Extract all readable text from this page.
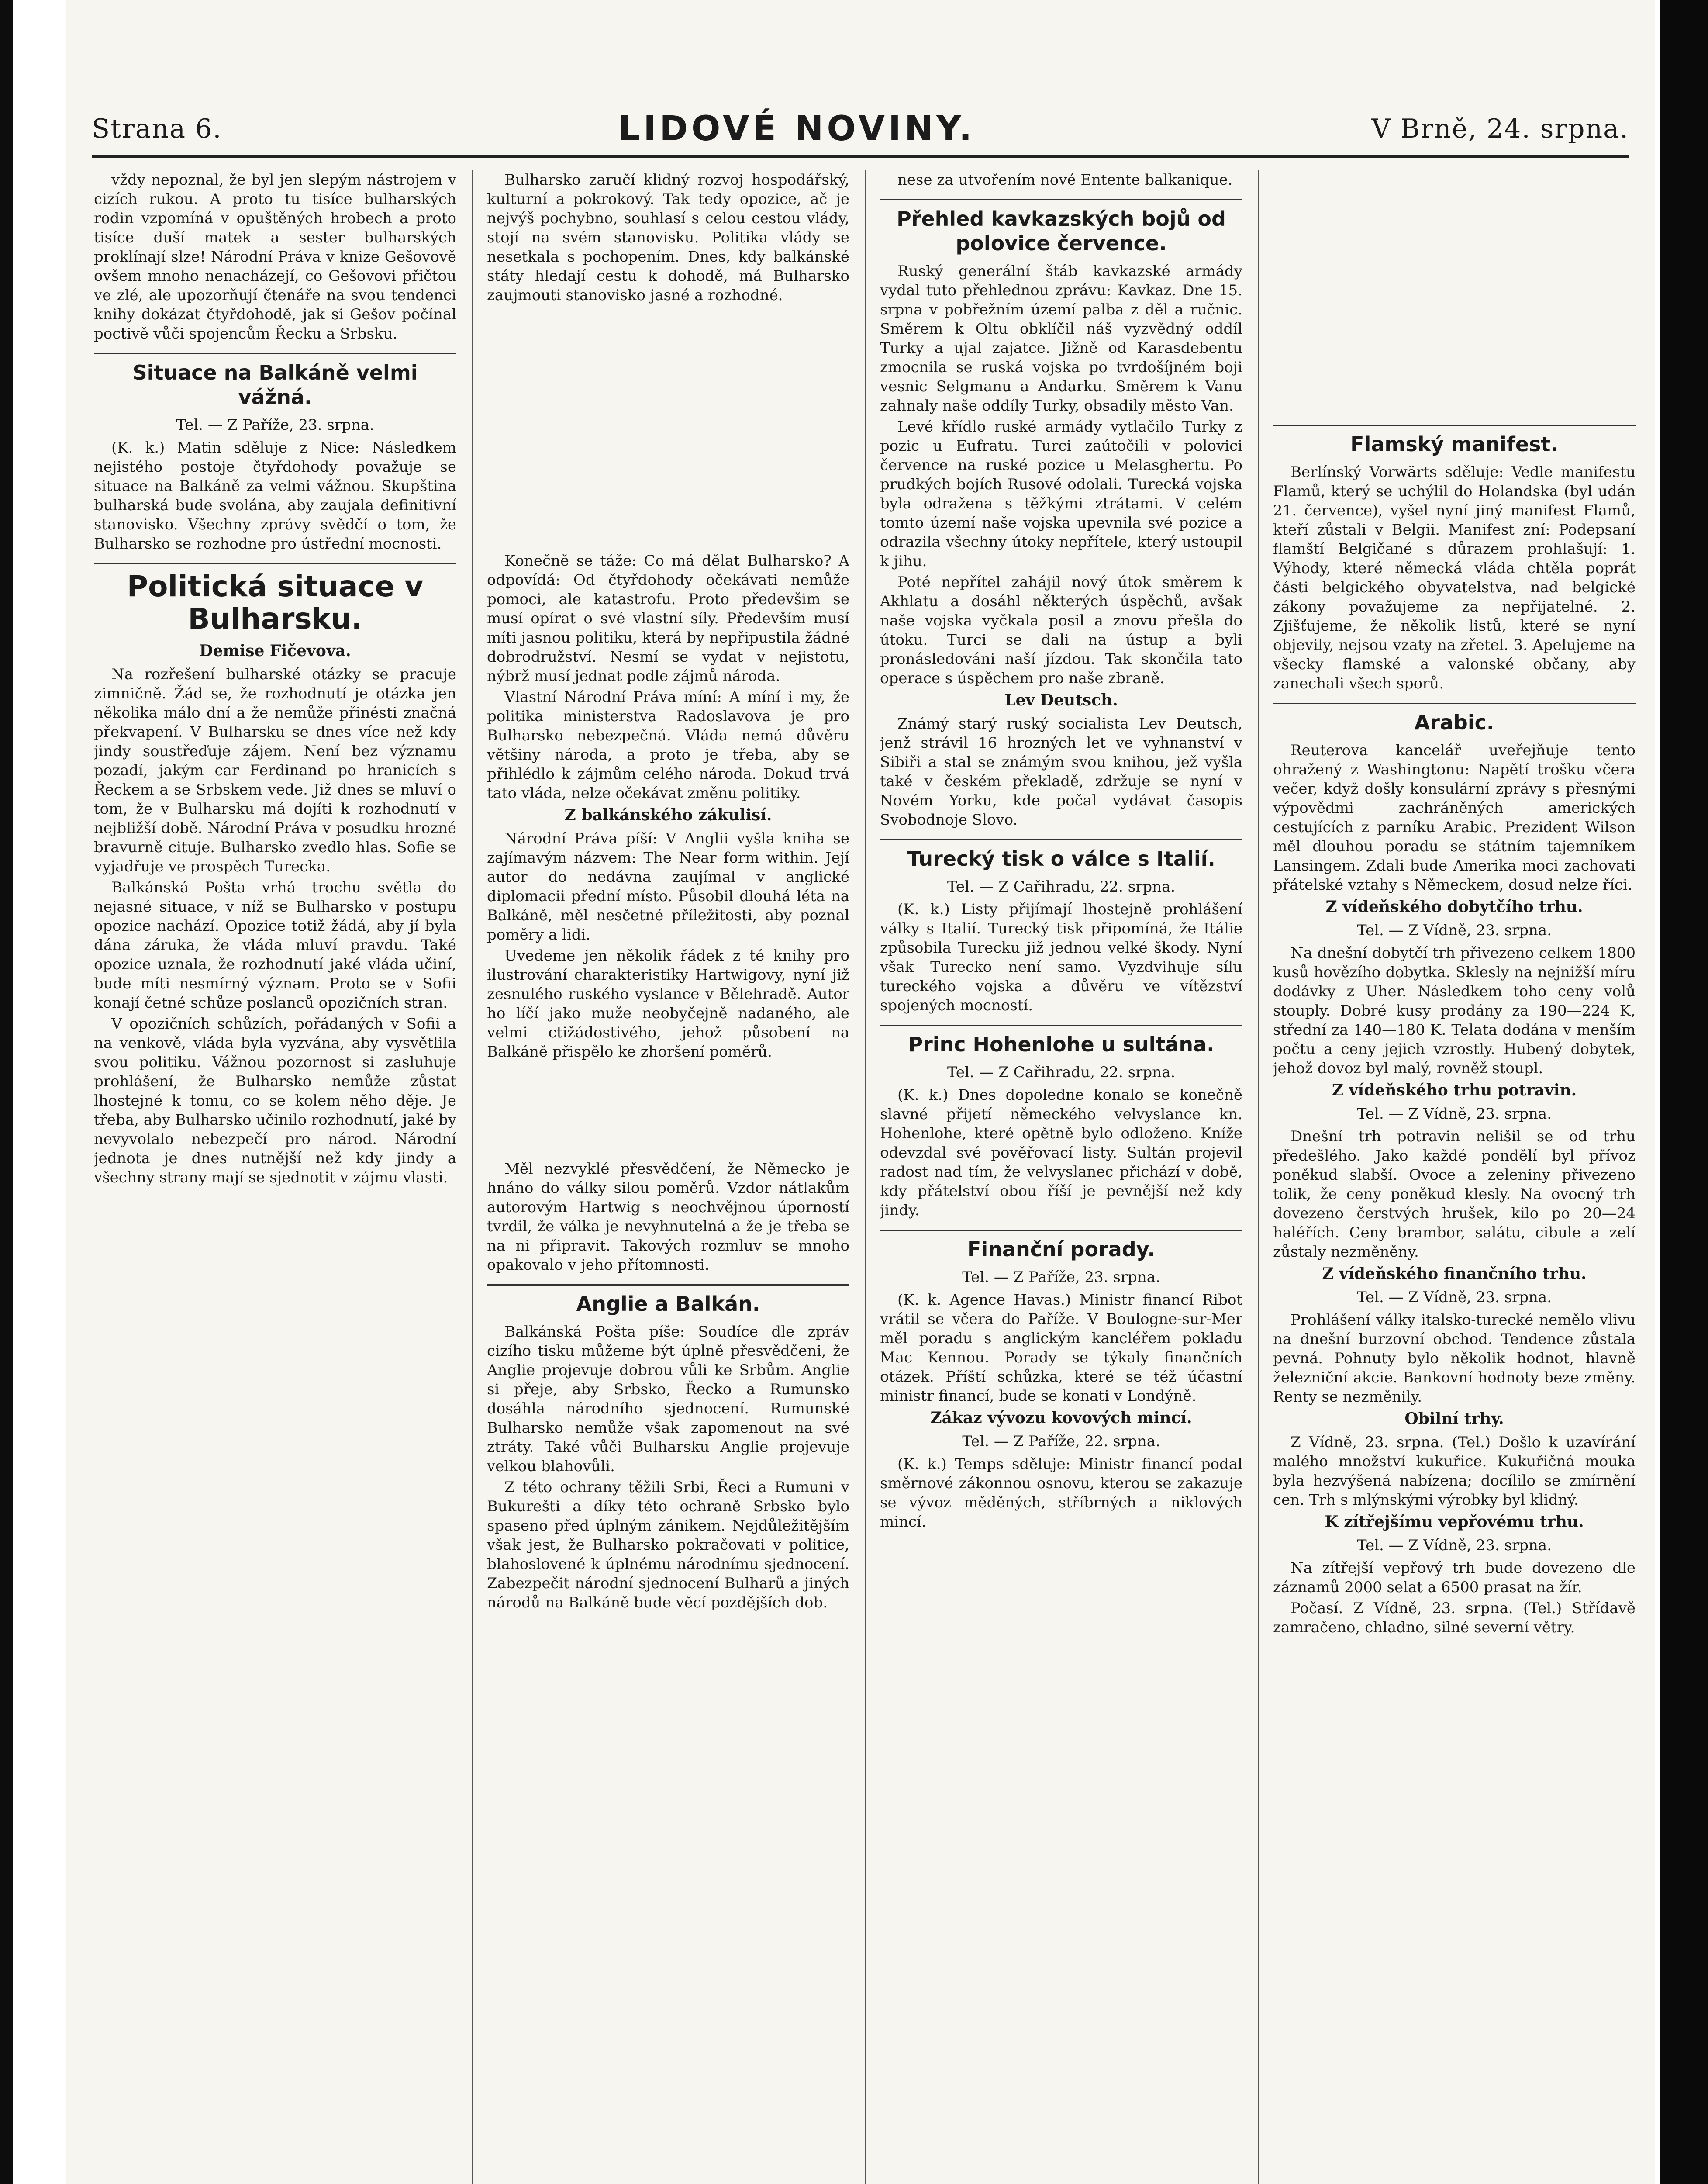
Strana 6.	LIDOVÉ NOVINY.	V Brně, 24. srpna.

vždy nepoznal, že byl jen slepým nástrojem v cizích rukou. A proto tu tisíce bulharských rodin vzpomíná v opuštěných hrobech a proto tisíce duší matek a sester bulharských proklínají slze! Národní Práva v knize Gešovově ovšem mnoho nenacházejí, co Gešovovi přičtou ve zlé, ale upozorňují čtenáře na svou tendenci knihy dokázat čtyřdohodě, jak si Gešov počínal poctivě vůči spojencům Řecku a Srbsku.

Situace na Balkáně velmi vážná.
Tel. — Z Paříže, 23. srpna.

(K. k.) Matin sděluje z Nice: Následkem nejistého postoje čtyřdohody považuje se situace na Balkáně za velmi vážnou. Skupština bulharská bude svolána, aby zaujala definitivní stanovisko. Všechny zprávy svědčí o tom, že Bulharsko se rozhodne pro ústřední mocnosti.

Politická situace v Bulharsku.
Demise Fičevova.

Na rozřešení bulharské otázky se pracuje zimničně. Žád se, že rozhodnutí je otázka jen několika málo dní a že nemůže přinésti značná překvapení. V Bulharsku se dnes více než kdy jindy soustřeďuje zájem. Není bez významu pozadí, jakým car Ferdinand po hranicích s Řeckem a se Srbskem vede. Již dnes se mluví o tom, že v Bulharsku má dojíti k rozhodnutí v nejbližší době. Národní Práva v posudku hrozné bravurně cituje. Bulharsko zvedlo hlas. Sofie se vyjadřuje ve prospěch Turecka.

Balkánská Pošta vrhá trochu světla do nejasné situace, v níž se Bulharsko v postupu opozice nachází. Opozice totiž žádá, aby jí byla dána záruka, že vláda mluví pravdu. Také opozice uznala, že rozhodnutí jaké vláda učiní, bude míti nesmírný význam. Proto se v Sofii konají četné schůze poslanců opozičních stran.

V opozičních schůzích, pořádaných v Sofii a na venkově, vláda byla vyzvána, aby vysvětlila svou politiku. Vážnou pozornost si zasluhuje prohlášení, že Bulharsko nemůže zůstat lhostejné k tomu, co se kolem něho děje. Je třeba, aby Bulharsko učinilo rozhodnutí, jaké by nevyvolalo nebezpečí pro národ. Národní jednota je dnes nutnější než kdy jindy a všechny strany mají se sjednotit v zájmu vlasti.

Bulharsko zaručí klidný rozvoj hospodářský, kulturní a pokrokový. Tak tedy opozice, ač je nejvýš pochybno, souhlasí s celou cestou vlády, stojí na svém stanovisku. Politika vlády se nesetkala s pochopením. Dnes, kdy balkánské státy hledají cestu k dohodě, má Bulharsko zaujmouti stanovisko jasné a rozhodné.

Konečně se táže: Co má dělat Bulharsko? A odpovídá: Od čtyřdohody očekávati nemůže pomoci, ale katastrofu. Proto předevšim se musí opírat o své vlastní síly. Především musí míti jasnou politiku, která by nepřipustila žádné dobrodružství. Nesmí se vydat v nejistotu, nýbrž musí jednat podle zájmů národa.

Vlastní Národní Práva míní: A míní i my, že politika ministerstva Radoslavova je pro Bulharsko nebezpečná. Vláda nemá důvěru většiny národa, a proto je třeba, aby se přihlédlo k zájmům celého národa. Dokud trvá tato vláda, nelze očekávat změnu politiky.

Z balkánského zákulisí.

Národní Práva píší: V Anglii vyšla kniha se zajímavým názvem: The Near form within. Její autor do nedávna zaujímal v anglické diplomacii přední místo. Působil dlouhá léta na Balkáně, měl nesčetné příležitosti, aby poznal poměry a lidi.

Uvedeme jen několik řádek z té knihy pro ilustrování charakteristiky Hartwigovy, nyní již zesnulého ruského vyslance v Bělehradě. Autor ho líčí jako muže neobyčejně nadaného, ale velmi ctižádostivého, jehož působení na Balkáně přispělo ke zhoršení poměrů.

Měl nezvyklé přesvědčení, že Německo je hnáno do války silou poměrů. Vzdor nátlakům autorovým Hartwig s neochvějnou úporností tvrdil, že válka je nevyhnutelná a že je třeba se na ni připravit. Takových rozmluv se mnoho opakovalo v jeho přítomnosti.

Anglie a Balkán.

Balkánská Pošta píše: Soudíce dle zpráv cizího tisku můžeme být úplně přesvědčeni, že Anglie projevuje dobrou vůli ke Srbům. Anglie si přeje, aby Srbsko, Řecko a Rumunsko dosáhla národního sjednocení. Rumunské Bulharsko nemůže však zapomenout na své ztráty. Také vůči Bulharsku Anglie projevuje velkou blahovůli.

Z této ochrany těžili Srbi, Řeci a Rumuni v Bukurešti a díky této ochraně Srbsko bylo spaseno před úplným zánikem. Nejdůležitějším však jest, že Bulharsko pokračovati v politice, blahoslovené k úplnému národnímu sjednocení. Zabezpečit národní sjednocení Bulharů a jiných národů na Balkáně bude věcí pozdějších dob.

nese za utvořením nové Entente balkanique.

Přehled kavkazských bojů od polovice července.

Ruský generální štáb kavkazské armády vydal tuto přehlednou zprávu: Kavkaz. Dne 15. srpna v pobřežním území palba z děl a ručnic. Směrem k Oltu obklíčil náš vyzvědný oddíl Turky a ujal zajatce. Jižně od Karasdebentu zmocnila se ruská vojska po tvrdošíjném boji vesnic Selgmanu a Andarku. Směrem k Vanu zahnaly naše oddíly Turky, obsadily město Van.

Levé křídlo ruské armády vytlačilo Turky z pozic u Eufratu. Turci zaútočili v polovici července na ruské pozice u Melasghertu. Po prudkých bojích Rusové odolali. Turecká vojska byla odražena s těžkými ztrátami. V celém tomto území naše vojska upevnila své pozice a odrazila všechny útoky nepřítele, který ustoupil k jihu.

Poté nepřítel zahájil nový útok směrem k Akhlatu a dosáhl některých úspěchů, avšak naše vojska vyčkala posil a znovu přešla do útoku. Turci se dali na ústup a byli pronásledováni naší jízdou. Tak skončila tato operace s úspěchem pro naše zbraně.

Lev Deutsch.

Známý starý ruský socialista Lev Deutsch, jenž strávil 16 hrozných let ve vyhnanství v Sibiři a stal se známým svou knihou, jež vyšla také v českém překladě, zdržuje se nyní v Novém Yorku, kde počal vydávat časopis Svobodnoje Slovo.

Turecký tisk o válce s Italií.
Tel. — Z Cařihradu, 22. srpna.

(K. k.) Listy přijímají lhostejně prohlášení války s Italií. Turecký tisk připomíná, že Itálie způsobila Turecku již jednou velké škody. Nyní však Turecko není samo. Vyzdvihuje sílu tureckého vojska a důvěru ve vítězství spojených mocností.

Princ Hohenlohe u sultána.
Tel. — Z Cařihradu, 22. srpna.

(K. k.) Dnes dopoledne konalo se konečně slavné přijetí německého velvyslance kn. Hohenlohe, které opětně bylo odloženo. Kníže odevzdal své pověřovací listy. Sultán projevil radost nad tím, že velvyslanec přichází v době, kdy přátelství obou říší je pevnější než kdy jindy.

Finanční porady.
Tel. — Z Paříže, 23. srpna.

(K. k. Agence Havas.) Ministr financí Ribot vrátil se včera do Paříže. V Boulogne-sur-Mer měl poradu s anglickým kancléřem pokladu Mac Kennou. Porady se týkaly finančních otázek. Příští schůzka, které se též účastní ministr financí, bude se konati v Londýně.

Zákaz vývozu kovových mincí.
Tel. — Z Paříže, 22. srpna.

(K. k.) Temps sděluje: Ministr financí podal směrnové zákonnou osnovu, kterou se zakazuje se vývoz měděných, stříbrných a niklových mincí.

Flamský manifest.

Berlínský Vorwärts sděluje: Vedle manifestu Flamů, který se uchýlil do Holandska (byl udán 21. července), vyšel nyní jiný manifest Flamů, kteří zůstali v Belgii. Manifest zní: Podepsaní flamští Belgičané s důrazem prohlašují: 1. Výhody, které německá vláda chtěla poprát části belgického obyvatelstva, nad belgické zákony považujeme za nepřijatelné. 2. Zjišťujeme, že několik listů, které se nyní objevily, nejsou vzaty na zřetel. 3. Apelujeme na všecky flamské a valonské občany, aby zanechali všech sporů.

Arabic.

Reuterova kancelář uveřejňuje tento ohražený z Washingtonu: Napětí trošku včera večer, když došly konsulární zprávy s přesnými výpovědmi zachráněných amerických cestujících z parníku Arabic. Prezident Wilson měl dlouhou poradu se státním tajemníkem Lansingem. Zdali bude Amerika moci zachovati přátelské vztahy s Německem, dosud nelze říci.

Z vídeňského dobytčího trhu.
Tel. — Z Vídně, 23. srpna.

Na dnešní dobytčí trh přivezeno celkem 1800 kusů hovězího dobytka. Sklesly na nejnižší míru dodávky z Uher. Následkem toho ceny volů stouply. Dobré kusy prodány za 190—224 K, střední za 140—180 K. Telata dodána v menším počtu a ceny jejich vzrostly. Hubený dobytek, jehož dovoz byl malý, rovněž stoupl.

Z vídeňského trhu potravin.
Tel. — Z Vídně, 23. srpna.

Dnešní trh potravin nelišil se od trhu předešlého. Jako každé pondělí byl přívoz poněkud slabší. Ovoce a zeleniny přivezeno tolik, že ceny poněkud klesly. Na ovocný trh dovezeno čerstvých hrušek, kilo po 20—24 haléřích. Ceny brambor, salátu, cibule a zelí zůstaly nezměněny.

Z vídeňského finančního trhu.
Tel. — Z Vídně, 23. srpna.

Prohlášení války italsko-turecké nemělo vlivu na dnešní burzovní obchod. Tendence zůstala pevná. Pohnuty bylo několik hodnot, hlavně železniční akcie. Bankovní hodnoty beze změny. Renty se nezměnily.

Obilní trhy.

Z Vídně, 23. srpna. (Tel.) Došlo k uzavírání malého množství kukuřice. Kukuřičná mouka byla hezvýšená nabízena; docílilo se zmírnění cen. Trh s mlýnskými výrobky byl klidný.

K zítřejšímu vepřovému trhu.
Tel. — Z Vídně, 23. srpna.

Na zítřejší vepřový trh bude dovezeno dle záznamů 2000 selat a 6500 prasat na žír.

Počasí. Z Vídně, 23. srpna. (Tel.) Střídavě zamračeno, chladno, silné severní větry.
